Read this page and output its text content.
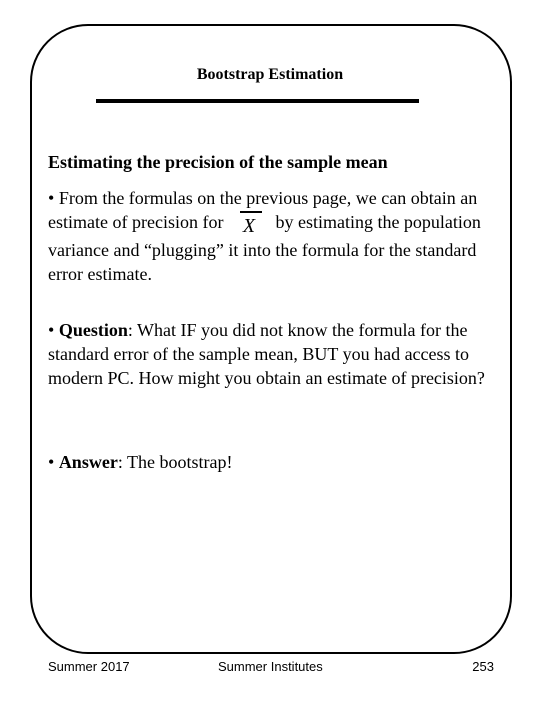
Bootstrap Estimation
Estimating the precision of the sample mean
• From the formulas on the previous page, we can obtain an estimate of precision for
X by estimating the population variance and “plugging” it into the formula for the standard error estimate.
• Question: What IF you did not know the formula for the standard error of the sample mean, BUT you had access to modern PC. How might you obtain an estimate of precision?
• Answer: The bootstrap!
Summer 2017	Summer Institutes	253
